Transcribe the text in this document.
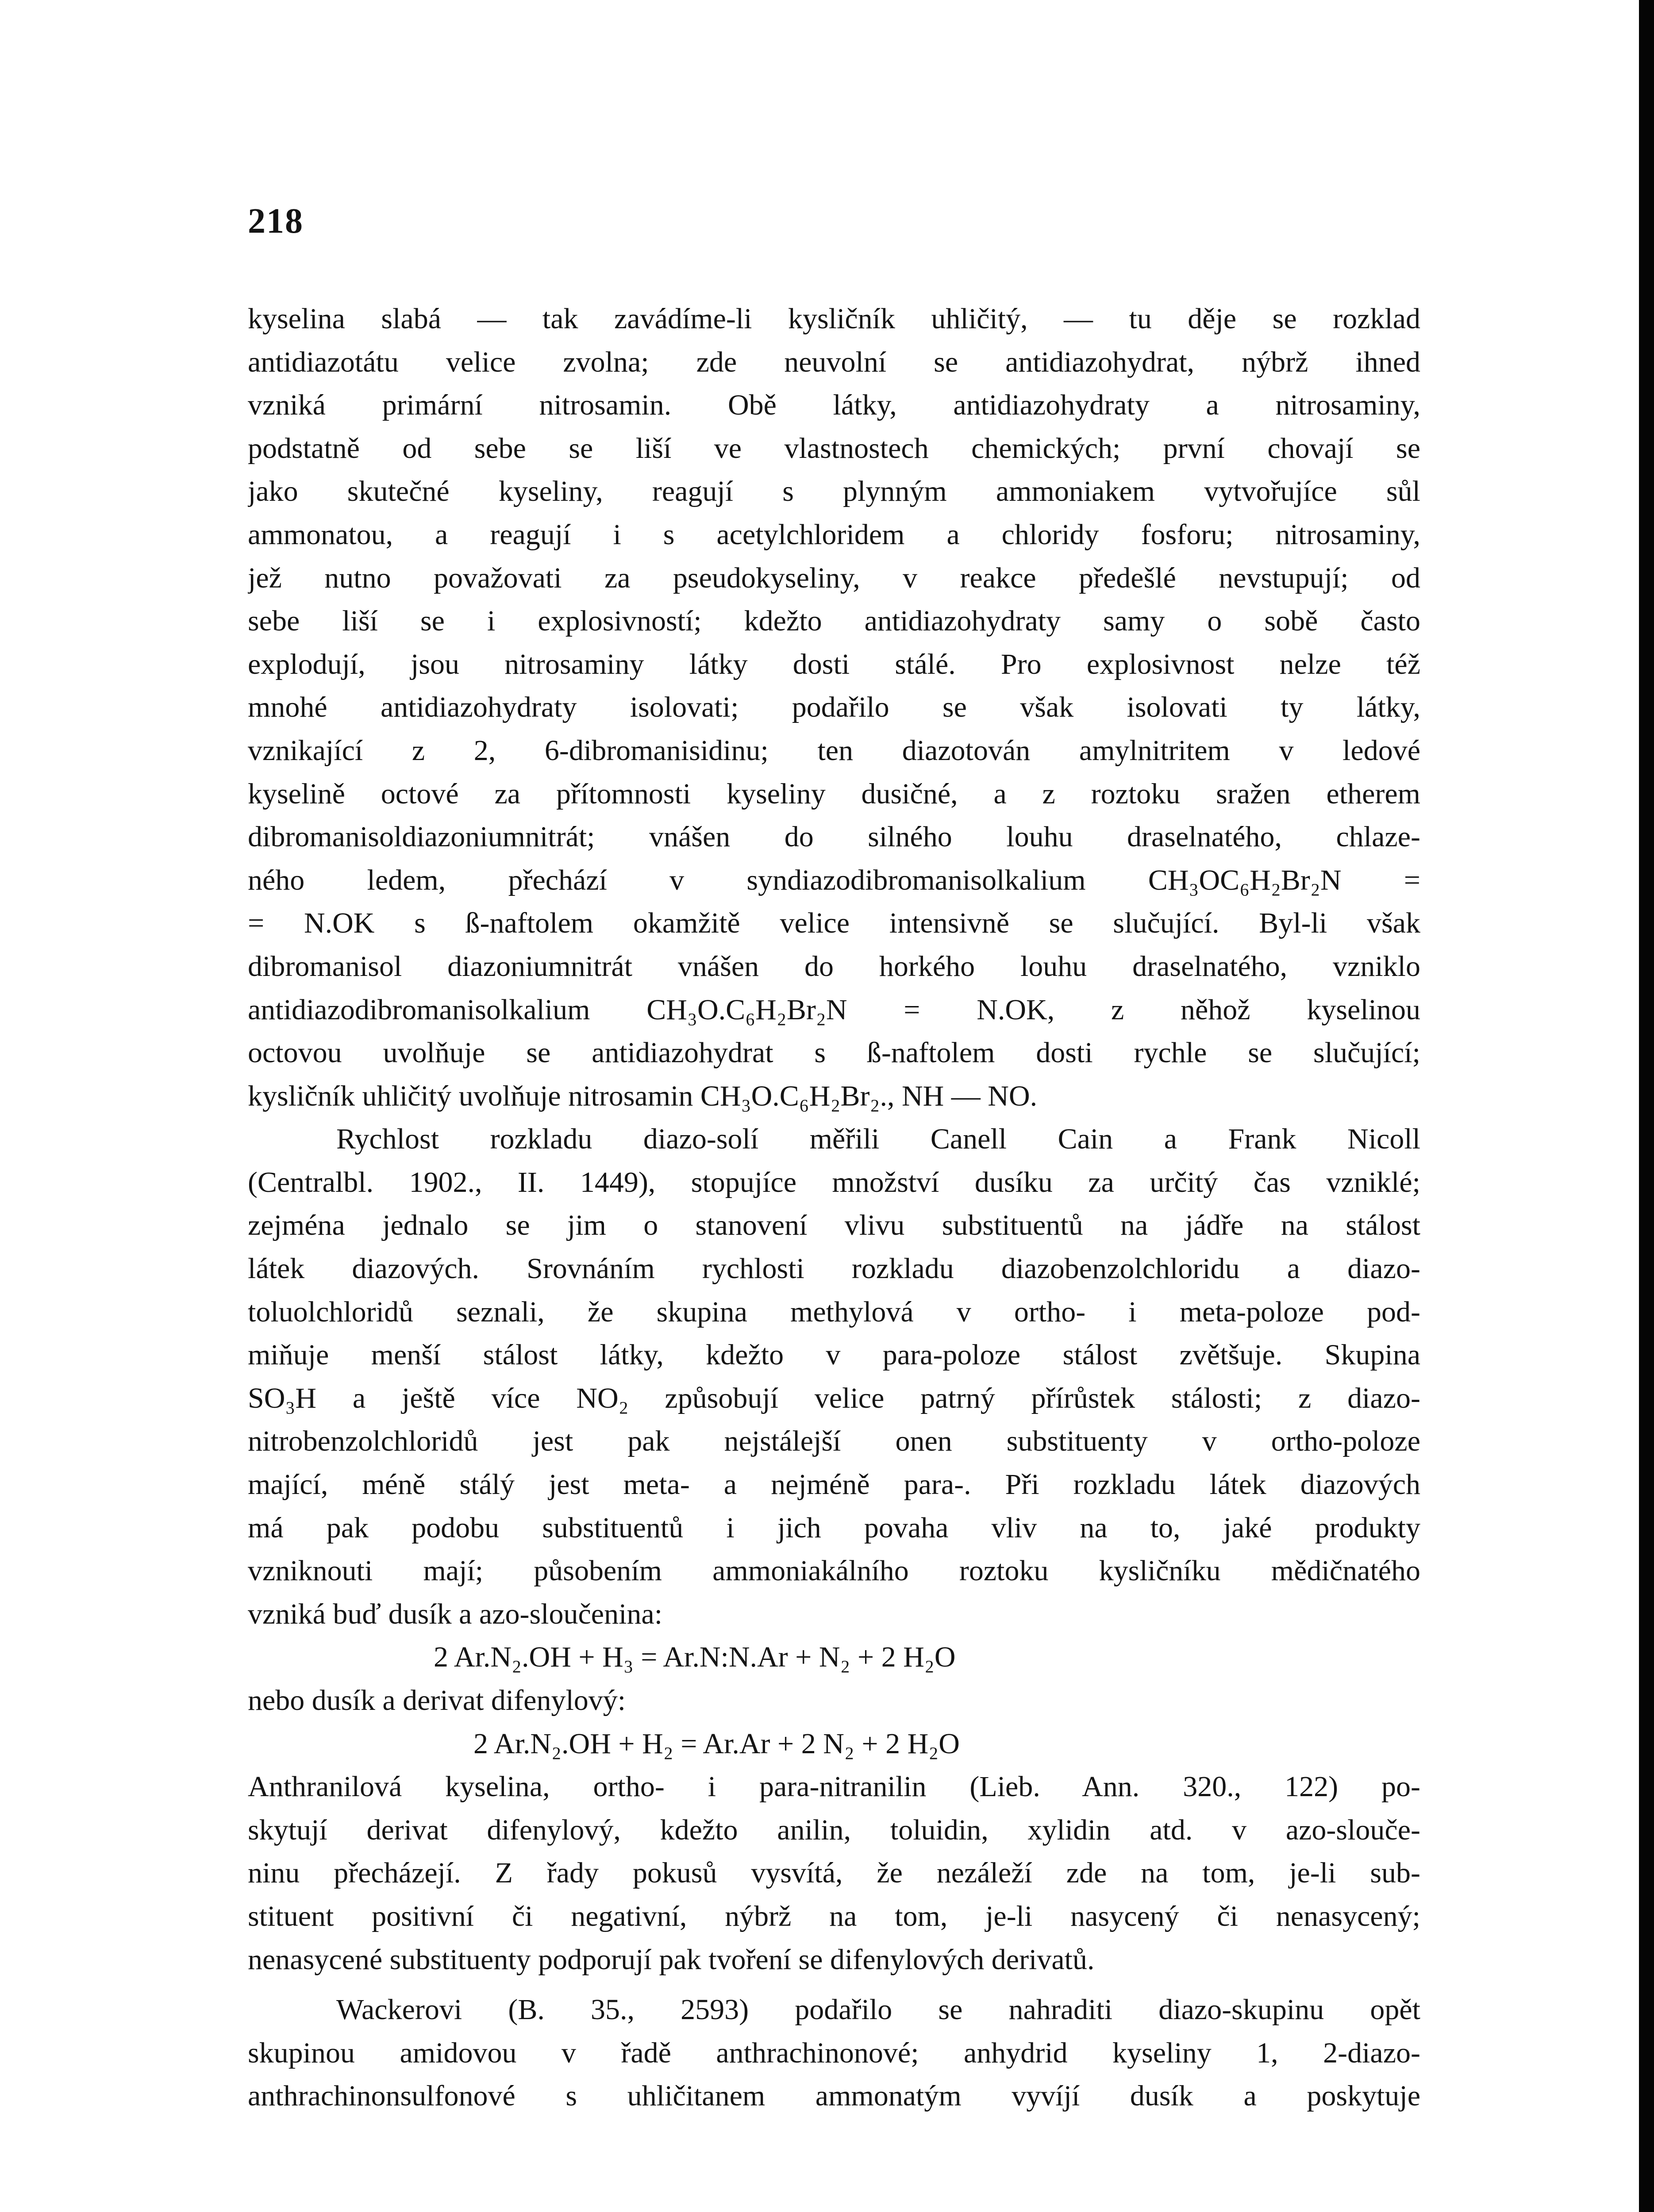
218
kyselina slabá — tak zavádíme-li kysličník uhličitý, — tu děje se rozklad
antidiazotátu velice zvolna; zde neuvolní se antidiazohydrat, nýbrž ihned
vzniká primární nitrosamin. Obě látky, antidiazohydraty a nitrosaminy,
podstatně od sebe se liší ve vlastnostech chemických; první chovají se
jako skutečné kyseliny, reagují s plynným ammoniakem vytvořujíce sůl
ammonatou, a reagují i s acetylchloridem a chloridy fosforu; nitrosaminy,
jež nutno považovati za pseudokyseliny, v reakce předešlé nevstupují; od
sebe liší se i explosivností; kdežto antidiazohydraty samy o sobě často
explodují, jsou nitrosaminy látky dosti stálé. Pro explosivnost nelze též
mnohé antidiazohydraty isolovati; podařilo se však isolovati ty látky,
vznikající z 2, 6-dibromanisidinu; ten diazotován amylnitritem v ledové
kyselině octové za přítomnosti kyseliny dusičné, a z roztoku sražen etherem
dibromanisoldiazoniumnitrát; vnášen do silného louhu draselnatého, chlaze-
ného ledem, přechází v syndiazodibromanisolkalium CH₃OC₆H₂Br₂N =
= N.OK s ß-naftolem okamžitě velice intensivně se slučující. Byl-li však
dibromanisol diazoniumnitrát vnášen do horkého louhu draselnatého, vzniklo
antidiazodibromanisolkalium CH₃O.C₆H₂Br₂N = N.OK, z něhož kyselinou
octovou uvolňuje se antidiazohydrat s ß-naftolem dosti rychle se slučující;
kysličník uhličitý uvolňuje nitrosamin CH₃O.C₆H₂Br₂., NH — NO.
Rychlost rozkladu diazo-solí měřili Canell Cain a Frank Nicoll
(Centralbl. 1902., II. 1449), stopujíce množství dusíku za určitý čas vzniklé;
zejména jednalo se jim o stanovení vlivu substituentů na jádře na stálost
látek diazových. Srovnáním rychlosti rozkladu diazobenzolchloridu a diazo-
toluolchloridů seznali, že skupina methylová v ortho- i meta-poloze pod-
miňuje menší stálost látky, kdežto v para-poloze stálost zvětšuje. Skupina
SO₃H a ještě více NO₂ způsobují velice patrný přírůstek stálosti; z diazo-
nitrobenzolchloridů jest pak nejstálejší onen substituenty v ortho-poloze
mající, méně stálý jest meta- a nejméně para-. Při rozkladu látek diazových
má pak podobu substituentů i jich povaha vliv na to, jaké produkty
vzniknouti mají; působením ammoniakálního roztoku kysličníku mědičnatého
vzniká buď dusík a azo-sloučenina:
2 Ar.N₂.OH + H₃ = Ar.N:N.Ar + N₂ + 2 H₂O
nebo dusík a derivat difenylový:
2 Ar.N₂.OH + H₂ = Ar.Ar + 2 N₂ + 2 H₂O
Anthranilová kyselina, ortho- i para-nitranilin (Lieb. Ann. 320., 122) po-
skytují derivat difenylový, kdežto anilin, toluidin, xylidin atd. v azo-slouče-
ninu přecházejí. Z řady pokusů vysvítá, že nezáleží zde na tom, je-li sub-
stituent positivní či negativní, nýbrž na tom, je-li nasycený či nenasycený;
nenasycené substituenty podporují pak tvoření se difenylových derivatů.
Wackerovi (B. 35., 2593) podařilo se nahraditi diazo-skupinu opět
skupinou amidovou v řadě anthrachinonové; anhydrid kyseliny 1, 2-diazo-
anthrachinonsulfonové s uhličitanem ammonatým vyvíjí dusík a poskytuje
